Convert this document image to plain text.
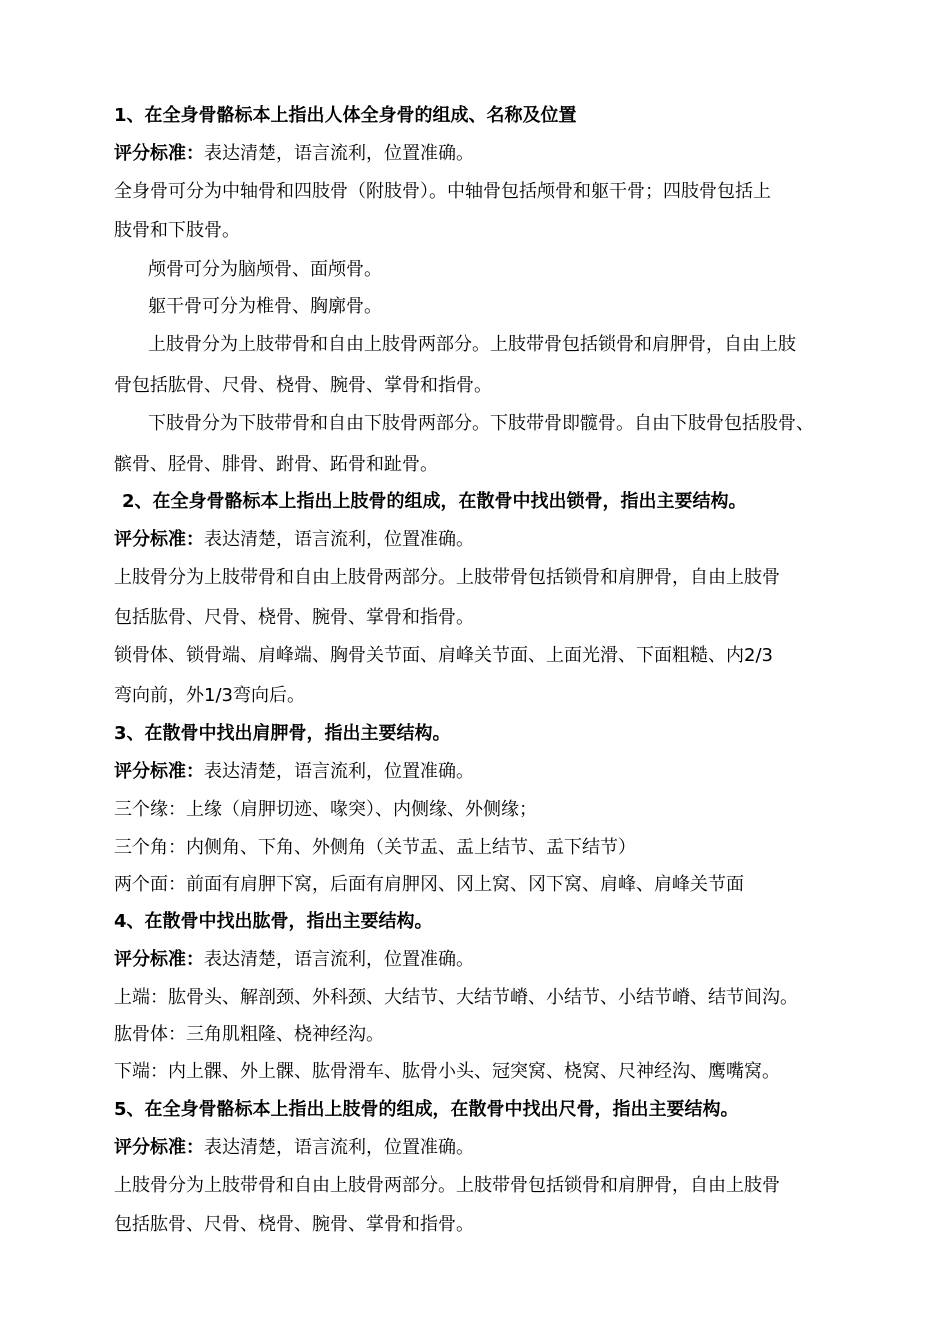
1、在全身骨骼标本上指出人体全身骨的组成、名称及位置
评分标准：表达清楚，语言流利，位置准确。
全身骨可分为中轴骨和四肢骨（附肢骨）。中轴骨包括颅骨和躯干骨；四肢骨包括上
肢骨和下肢骨。
颅骨可分为脑颅骨、面颅骨。
躯干骨可分为椎骨、胸廓骨。
上肢骨分为上肢带骨和自由上肢骨两部分。上肢带骨包括锁骨和肩胛骨，自由上肢
骨包括肱骨、尺骨、桡骨、腕骨、掌骨和指骨。
下肢骨分为下肢带骨和自由下肢骨两部分。下肢带骨即髋骨。自由下肢骨包括股骨、
髌骨、胫骨、腓骨、跗骨、跖骨和趾骨。
2、在全身骨骼标本上指出上肢骨的组成，在散骨中找出锁骨，指出主要结构。
评分标准：表达清楚，语言流利，位置准确。
上肢骨分为上肢带骨和自由上肢骨两部分。上肢带骨包括锁骨和肩胛骨，自由上肢骨
包括肱骨、尺骨、桡骨、腕骨、掌骨和指骨。
锁骨体、锁骨端、肩峰端、胸骨关节面、肩峰关节面、上面光滑、下面粗糙、内2/3
弯向前，外1/3弯向后。
3、在散骨中找出肩胛骨，指出主要结构。
评分标准：表达清楚，语言流利，位置准确。
三个缘：上缘（肩胛切迹、喙突）、内侧缘、外侧缘；
三个角：内侧角、下角、外侧角（关节盂、盂上结节、盂下结节）
两个面：前面有肩胛下窝，后面有肩胛冈、冈上窝、冈下窝、肩峰、肩峰关节面
4、在散骨中找出肱骨，指出主要结构。
评分标准：表达清楚，语言流利，位置准确。
上端：肱骨头、解剖颈、外科颈、大结节、大结节嵴、小结节、小结节嵴、结节间沟。
肱骨体：三角肌粗隆、桡神经沟。
下端：内上髁、外上髁、肱骨滑车、肱骨小头、冠突窝、桡窝、尺神经沟、鹰嘴窝。
5、在全身骨骼标本上指出上肢骨的组成，在散骨中找出尺骨，指出主要结构。
评分标准：表达清楚，语言流利，位置准确。
上肢骨分为上肢带骨和自由上肢骨两部分。上肢带骨包括锁骨和肩胛骨，自由上肢骨
包括肱骨、尺骨、桡骨、腕骨、掌骨和指骨。
